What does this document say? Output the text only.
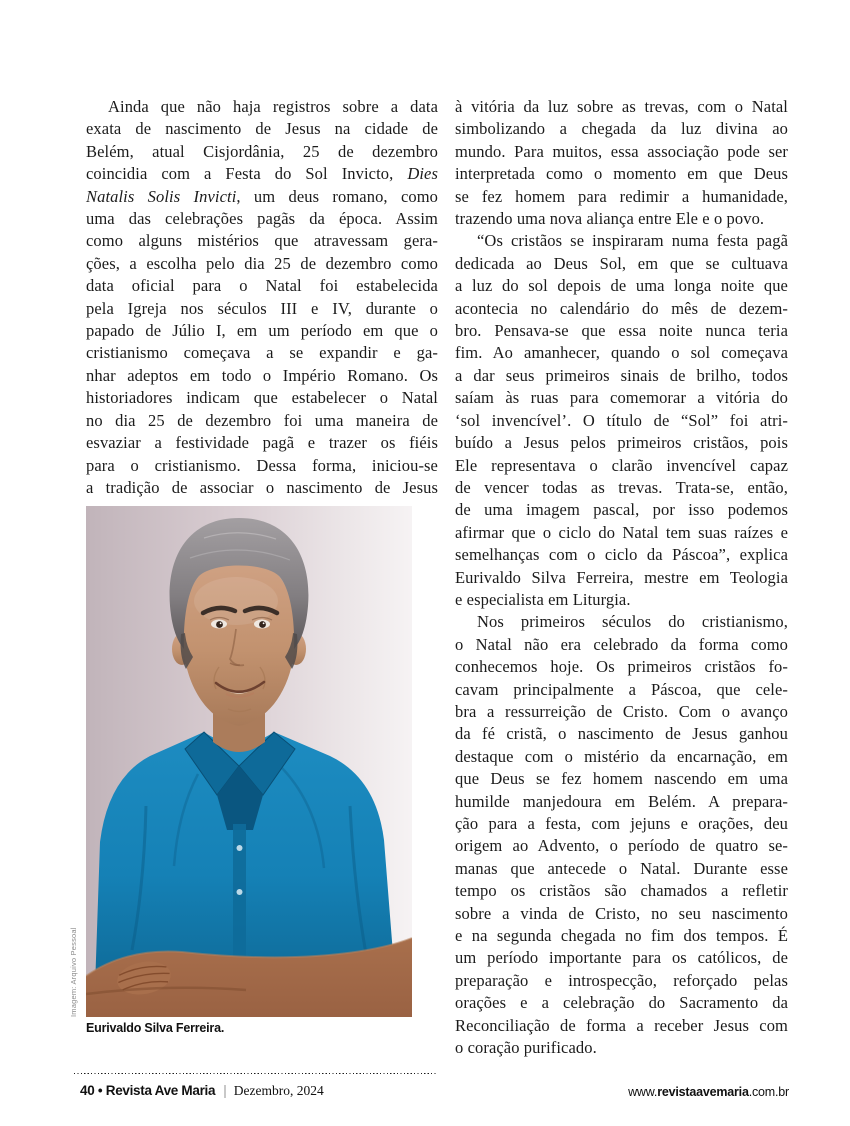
Ainda que não haja registros sobre a data
exata de nascimento de Jesus na cidade de
Belém, atual Cisjordânia, 25 de dezembro
coincidia com a Festa do Sol Invicto, Dies
Natalis Solis Invicti, um deus romano, como
uma das celebrações pagãs da época. Assim
como alguns mistérios que atravessam gera-
ções, a escolha pelo dia 25 de dezembro como
data oficial para o Natal foi estabelecida
pela Igreja nos séculos III e IV, durante o
papado de Júlio I, em um período em que o
cristianismo começava a se expandir e ga-
nhar adeptos em todo o Império Romano. Os
historiadores indicam que estabelecer o Natal
no dia 25 de dezembro foi uma maneira de
esvaziar a festividade pagã e trazer os fiéis
para o cristianismo. Dessa forma, iniciou-se
a tradição de associar o nascimento de Jesus
à vitória da luz sobre as trevas, com o Natal
simbolizando a chegada da luz divina ao
mundo. Para muitos, essa associação pode ser
interpretada como o momento em que Deus
se fez homem para redimir a humanidade,
trazendo uma nova aliança entre Ele e o povo.
“Os cristãos se inspiraram numa festa pagã
dedicada ao Deus Sol, em que se cultuava
a luz do sol depois de uma longa noite que
acontecia no calendário do mês de dezem-
bro. Pensava-se que essa noite nunca teria
fim. Ao amanhecer, quando o sol começava
a dar seus primeiros sinais de brilho, todos
saíam às ruas para comemorar a vitória do
‘sol invencível’. O título de “Sol” foi atri-
buído a Jesus pelos primeiros cristãos, pois
Ele representava o clarão invencível capaz
de vencer todas as trevas. Trata-se, então,
de uma imagem pascal, por isso podemos
afirmar que o ciclo do Natal tem suas raízes e
semelhanças com o ciclo da Páscoa”, explica
Eurivaldo Silva Ferreira, mestre em Teologia
e especialista em Liturgia.
Nos primeiros séculos do cristianismo,
o Natal não era celebrado da forma como
conhecemos hoje. Os primeiros cristãos fo-
cavam principalmente a Páscoa, que cele-
bra a ressurreição de Cristo. Com o avanço
da fé cristã, o nascimento de Jesus ganhou
destaque com o mistério da encarnação, em
que Deus se fez homem nascendo em uma
humilde manjedoura em Belém. A prepara-
ção para a festa, com jejuns e orações, deu
origem ao Advento, o período de quatro se-
manas que antecede o Natal. Durante esse
tempo os cristãos são chamados a refletir
sobre a vinda de Cristo, no seu nascimento
e na segunda chegada no fim dos tempos. É
um período importante para os católicos, de
preparação e introspecção, reforçado pelas
orações e a celebração do Sacramento da
Reconciliação de forma a receber Jesus com
o coração purificado.
Eurivaldo Silva Ferreira.
Imagem: Arquivo Pessoal
40 • Revista Ave Maria | Dezembro, 2024	www.revistaavemaria.com.br
